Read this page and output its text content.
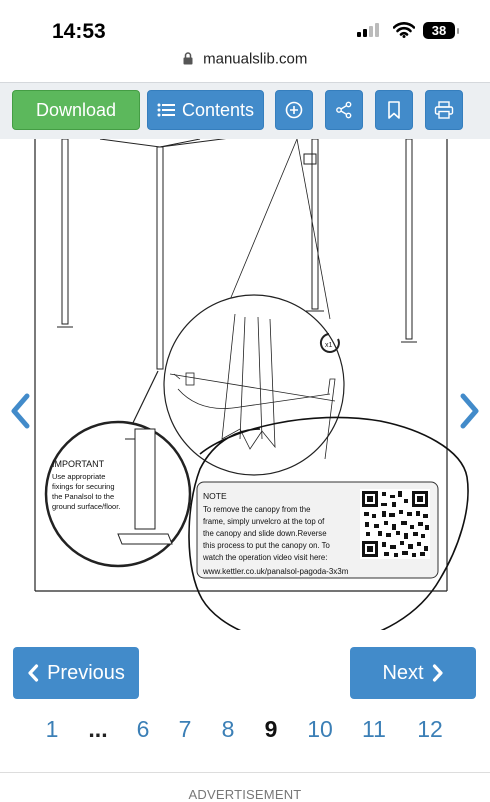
14:53	38
manualslib.com
Download	Contents
x1
IMPORTANT
Use appropriate
fixings for securing
the Panalsol to the
ground surface/floor.
NOTE
To remove the canopy from the
frame, simply unvelcro at the top of
the canopy and slide down.Reverse
this process to put the canopy on. To
watch the operation video visit here:
www.kettler.co.uk/panalsol-pagoda-3x3m
Previous	Next
1 ... 6 7 8 9 10 11 12
ADVERTISEMENT
